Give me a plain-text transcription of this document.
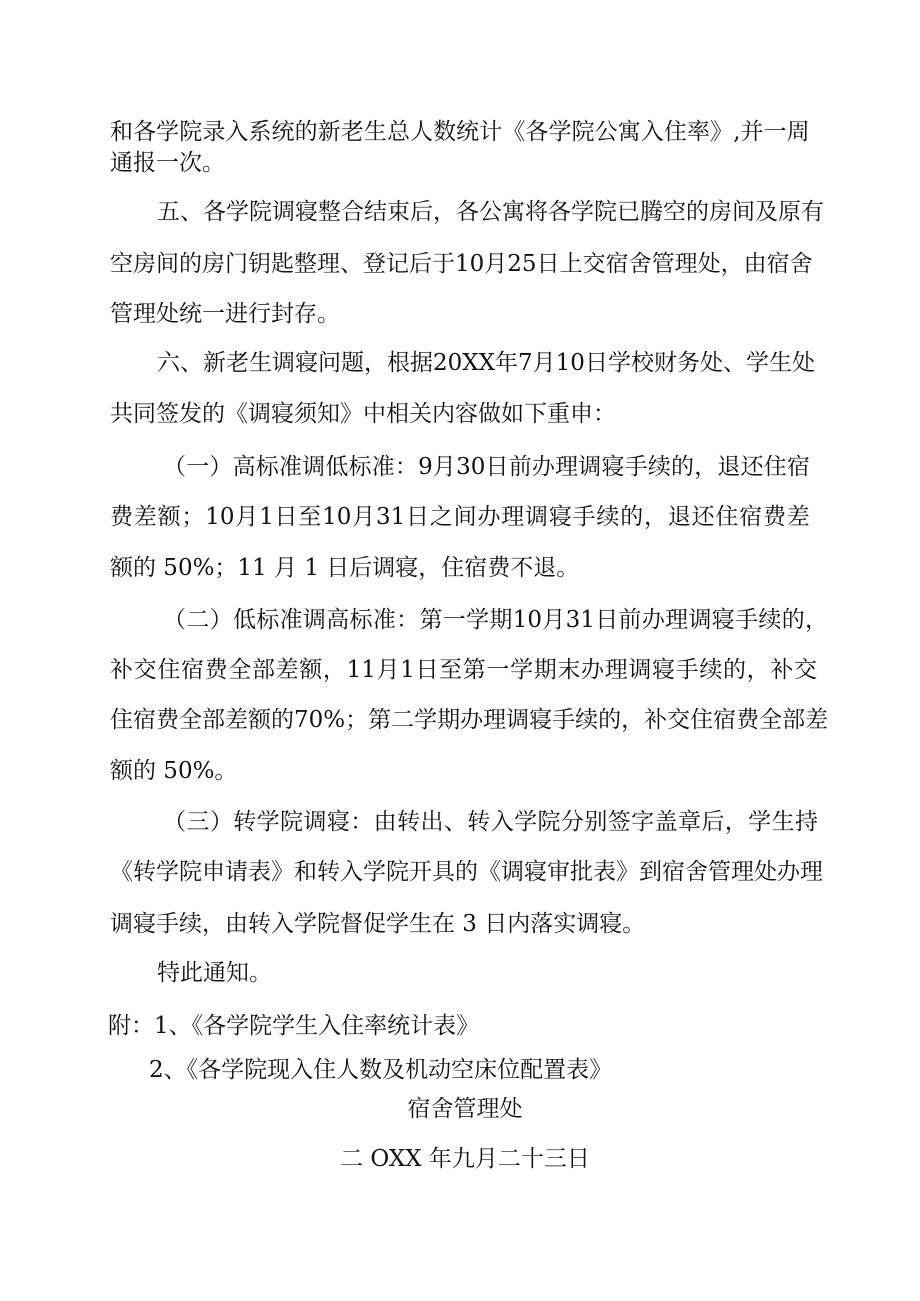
和 各 学 院 录 入 系 统 的 新 老 生 总 人 数 统 计 《 各 学 院 公 寓 入 住 率 》 , 并 一 周

通报一次。

五 、 各 学 院 调 寝 整 合 结 束 后 ， 各 公 寓 将 各 学 院 已 腾 空 的 房 间 及 原 有

空 房 间 的 房 门 钥 匙 整 理 、 登 记 后 于 10 月 25 日 上 交 宿 舍 管 理 处 ， 由 宿 舍

管理处统一进行封存。

六 、 新 老 生 调 寝 问 题 ， 根 据 20XX 年 7 月 10 日 学 校 财 务 处 、 学 生 处

共同签发的《调寝须知》中相关内容做如下重申：

（ 一 ） 高 标 准 调 低 标 准 ： 9 月 30 日 前 办 理 调 寝 手 续 的 ， 退 还 住 宿

费 差 额 ； 10 月 1 日 至 10 月 31 日 之 间 办 理 调 寝 手 续 的 ， 退 还 住 宿 费 差

额的 50%；11 月 1 日后调寝，住宿费不退。

（ 二 ） 低 标 准 调 高 标 准 ： 第 一 学 期 10 月 31 日 前 办 理 调 寝 手 续 的 ，

补 交 住 宿 费 全 部 差 额 ， 11 月 1 日 至 第 一 学 期 末 办 理 调 寝 手 续 的 ， 补 交

住 宿 费 全 部 差 额 的 70% ； 第 二 学 期 办 理 调 寝 手 续 的 ， 补 交 住 宿 费 全 部 差

额的 50%。

（ 三 ） 转 学 院 调 寝 ： 由 转 出 、 转 入 学 院 分 别 签 字 盖 章 后 ， 学 生 持

《 转 学 院 申 请 表 》 和 转 入 学 院 开 具 的 《 调 寝 审 批 表 》 到 宿 舍 管 理 处 办 理

调寝手续，由转入学院督促学生在 3 日内落实调寝。

特此通知。

附：1、《各学院学生入住率统计表》

2、《各学院现入住人数及机动空床位配置表》

宿舍管理处
二 OXX 年九月二十三日
